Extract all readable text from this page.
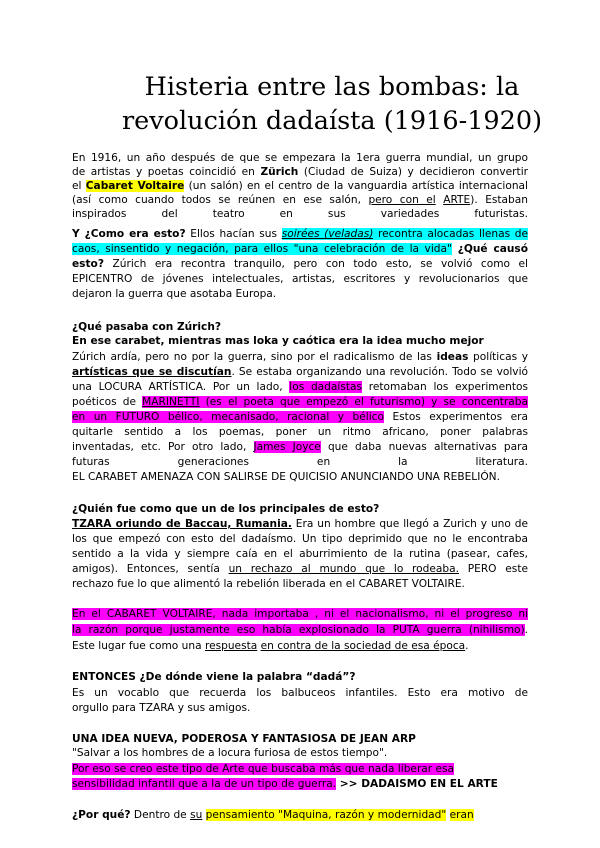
Histeria entre las bombas: la
revolución dadaísta (1916-1920)

En 1916, un año después de que se empezara la 1era guerra mundial, un grupo

de artistas y poetas coincidió en Zürich (Ciudad de Suiza) y decidieron convertir

el Cabaret Voltaire (un salón) en el centro de la vanguardia artística internacional

(así como cuando todos se reúnen en ese salón, pero con el ARTE). Estaban

inspirados del teatro en sus variedades futuristas.

Y ¿Como era esto? Ellos hacían sus soirées (veladas) recontra alocadas llenas de

caos, sinsentido y negación, para ellos "una celebración de la vida" ¿Qué causó

esto? Zúrich era recontra tranquilo, pero con todo esto, se volvió como el

EPICENTRO de jóvenes intelectuales, artistas, escritores y revolucionarios que

dejaron la guerra que asotaba Europa.

¿Qué pasaba con Zúrich?

En ese carabet, mientras mas loka y caótica era la idea mucho mejor

Zúrich ardía, pero no por la guerra, sino por el radicalismo de las ideas políticas y

artísticas que se discutían. Se estaba organizando una revolución. Todo se volvió

una LOCURA ARTÍSTICA. Por un lado, los dadaístas retomaban los experimentos

poéticos de MARINETTI (es el poeta que empezó el futurismo) y se concentraba

en un FUTURO bélico, mecanisado, racional y bélico Estos experimentos era

quitarle sentido a los poemas, poner un ritmo africano, poner palabras

inventadas, etc. Por otro lado, James Joyce que daba nuevas alternativas para

futuras generaciones en la literatura.

EL CARABET AMENAZA CON SALIRSE DE QUICISIO ANUNCIANDO UNA REBELIÓN.

¿Quién fue como que un de los principales de esto?

TZARA oriundo de Baccau, Rumania. Era un hombre que llegó a Zurich y uno de

los que empezó con esto del dadaísmo. Un tipo deprimido que no le encontraba

sentido a la vida y siempre caía en el aburrimiento de la rutina (pasear, cafes,

amigos). Entonces, sentía un rechazo al mundo que lo rodeaba. PERO este

rechazo fue lo que alimentó la rebelión liberada en el CABARET VOLTAIRE.

En el CABARET VOLTAIRE, nada importaba , ni el nacionalismo, ni el progreso ni

la razón porque justamente eso había explosionado la PUTA guerra (nihilismo).

Este lugar fue como una respuesta en contra de la sociedad de esa época.

ENTONCES ¿De dónde viene la palabra “dadá”?

Es un vocablo que recuerda los balbuceos infantiles. Esto era motivo de

orgullo para TZARA y sus amigos.

UNA IDEA NUEVA, PODEROSA Y FANTASIOSA DE JEAN ARP

"Salvar a los hombres de a locura furiosa de estos tiempo".

Por eso se creo este tipo de Arte que buscaba más que nada liberar esa

sensibilidad infantil que a la de un tipo de guerra. >> DADAISMO EN EL ARTE

¿Por qué? Dentro de su pensamiento "Maquina, razón y modernidad" eran
